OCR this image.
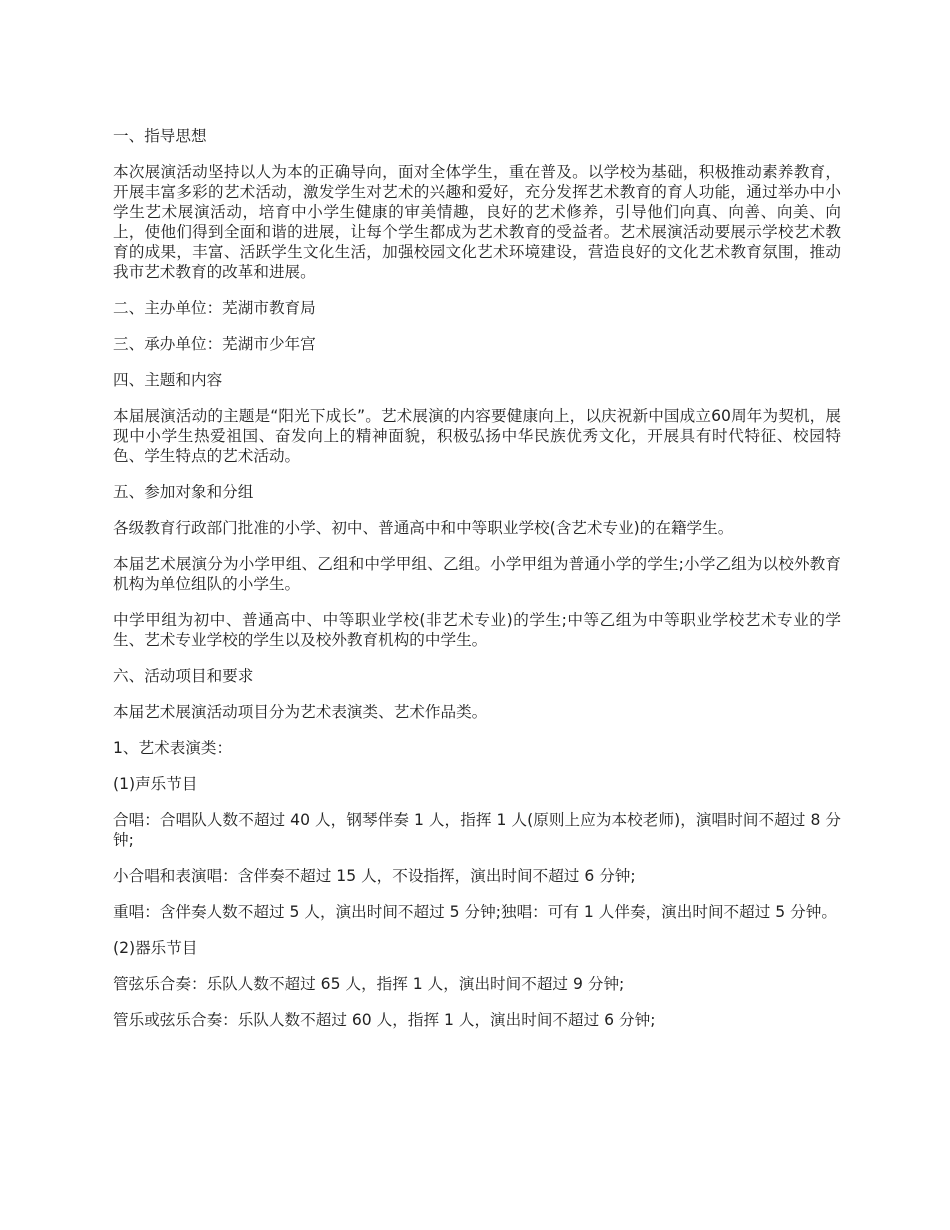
一、指导思想

本次展演活动坚持以人为本的正确导向，面对全体学生，重在普及。以学校为基础，积极推动素养教育，开展丰富多彩的艺术活动，激发学生对艺术的兴趣和爱好，充分发挥艺术教育的育人功能，通过举办中小学生艺术展演活动，培育中小学生健康的审美情趣，良好的艺术修养，引导他们向真、向善、向美、向上，使他们得到全面和谐的进展，让每个学生都成为艺术教育的受益者。艺术展演活动要展示学校艺术教育的成果，丰富、活跃学生文化生活，加强校园文化艺术环境建设，营造良好的文化艺术教育氛围，推动我市艺术教育的改革和进展。

二、主办单位：芜湖市教育局

三、承办单位：芜湖市少年宫

四、主题和内容

本届展演活动的主题是“阳光下成长”。艺术展演的内容要健康向上，以庆祝新中国成立60周年为契机，展现中小学生热爱祖国、奋发向上的精神面貌，积极弘扬中华民族优秀文化，开展具有时代特征、校园特色、学生特点的艺术活动。

五、参加对象和分组

各级教育行政部门批准的小学、初中、普通高中和中等职业学校(含艺术专业)的在籍学生。

本届艺术展演分为小学甲组、乙组和中学甲组、乙组。小学甲组为普通小学的学生;小学乙组为以校外教育机构为单位组队的小学生。

中学甲组为初中、普通高中、中等职业学校(非艺术专业)的学生;中等乙组为中等职业学校艺术专业的学生、艺术专业学校的学生以及校外教育机构的中学生。

六、活动项目和要求

本届艺术展演活动项目分为艺术表演类、艺术作品类。

1、艺术表演类：

(1)声乐节目

合唱：合唱队人数不超过 40 人，钢琴伴奏 1 人，指挥 1 人(原则上应为本校老师)，演唱时间不超过 8 分钟;

小合唱和表演唱：含伴奏不超过 15 人，不设指挥，演出时间不超过 6 分钟;

重唱：含伴奏人数不超过 5 人，演出时间不超过 5 分钟;独唱：可有 1 人伴奏，演出时间不超过 5 分钟。

(2)器乐节目

管弦乐合奏：乐队人数不超过 65 人，指挥 1 人，演出时间不超过 9 分钟;

管乐或弦乐合奏：乐队人数不超过 60 人，指挥 1 人，演出时间不超过 6 分钟;
